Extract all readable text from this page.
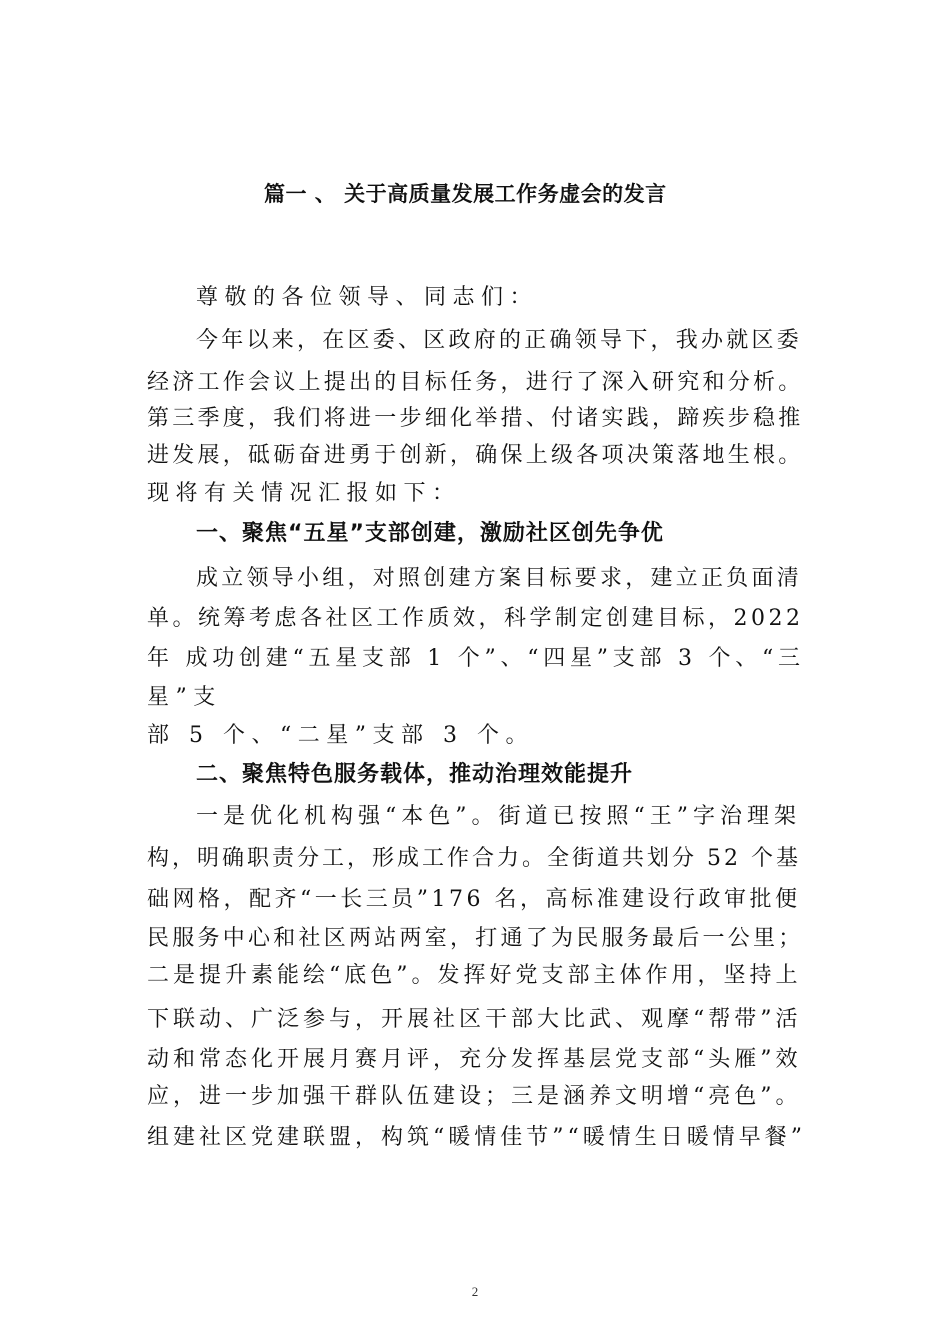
篇一 、 关于高质量发展工作务虚会的发言
尊敬的各位领导、同志们：
今年以来，在区委、区政府的正确领导下，我办就区委
经济工作会议上提出的目标任务，进行了深入研究和分析。
第三季度，我们将进一步细化举措、付诸实践，蹄疾步稳推
进发展，砥砺奋进勇于创新，确保上级各项决策落地生根。
现将有关情况汇报如下：
一、聚焦“五星”支部创建，激励社区创先争优
成立领导小组，对照创建方案目标要求，建立正负面清
单。统筹考虑各社区工作质效，科学制定创建目标，2022
年 成功创建“五星支部 1 个”、“四星”支部 3 个、“三
星”支
部 5 个、“二星”支部 3 个。
二、聚焦特色服务载体，推动治理效能提升
一是优化机构强“本色”。街道已按照“王”字治理架
构，明确职责分工，形成工作合力。全街道共划分 52 个基
础网格，配齐“一长三员”176 名，高标准建设行政审批便
民服务中心和社区两站两室，打通了为民服务最后一公里；
二是提升素能绘“底色”。发挥好党支部主体作用，坚持上
下联动、广泛参与，开展社区干部大比武、观摩“帮带”活
动和常态化开展月赛月评，充分发挥基层党支部“头雁”效
应，进一步加强干群队伍建设；三是涵养文明增“亮色”。
组建社区党建联盟，构筑“暖情佳节”“暖情生日暖情早餐”
2
